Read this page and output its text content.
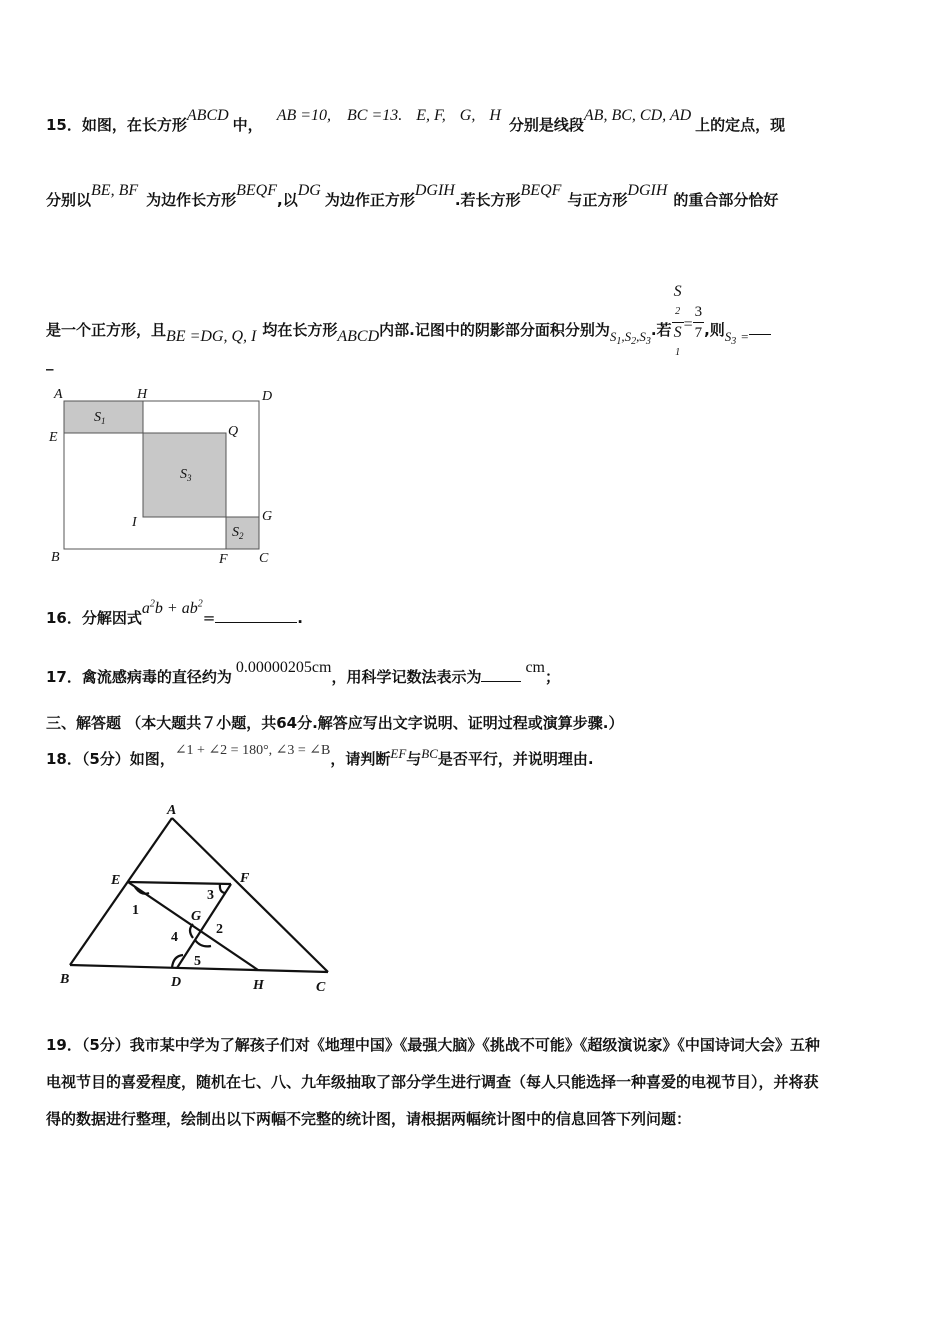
15．如图，在长方形ABCD中，AB =10, BC =13. E, F, G, H分别是线段AB, BC, CD, AD上的定点，现
分别以BE, BF为边作长方形BEQF,以DG为边作正方形DGIH.若长方形BEQF与正方形DGIH的重合部分恰好
是一个正方形，且BE =DG, Q, I 均在长方形ABCD内部.记图中的阴影部分面积分别为$S_1,S_2,S_3$.若 S
2
S
$1 = \frac{3}{7}$ ,则$S_3$ =
_
A	H	D
E	Q
$S_1$
$S_3$
$S_2$
I	G
B	F C
16．分解因式$a^2b + ab^2=$	.
17．禽流感病毒的直径约为0.00000205cm，用科学记数法表示为cm；
三、解答题 （本大题共７小题，共64分.解答应写出文字说明、证明过程或演算步骤.）
18．（5分）如图，∠1 + ∠2 = 180°, ∠3 = ∠B，请判断EF与BC是否平行，并说明理由.
A
E	F
G
B	D	H	C
1
2
3
4
5
19．（5分）我市某中学为了解孩子们对《地理中国》《最强大脑》《挑战不可能》《超级演说家》《中国诗词大会》五种
电视节目的喜爱程度，随机在七、八、九年级抽取了部分学生进行调查（每人只能选择一种喜爱的电视节目），并将获
得的数据进行整理，绘制出以下两幅不完整的统计图，请根据两幅统计图中的信息回答下列问题：
